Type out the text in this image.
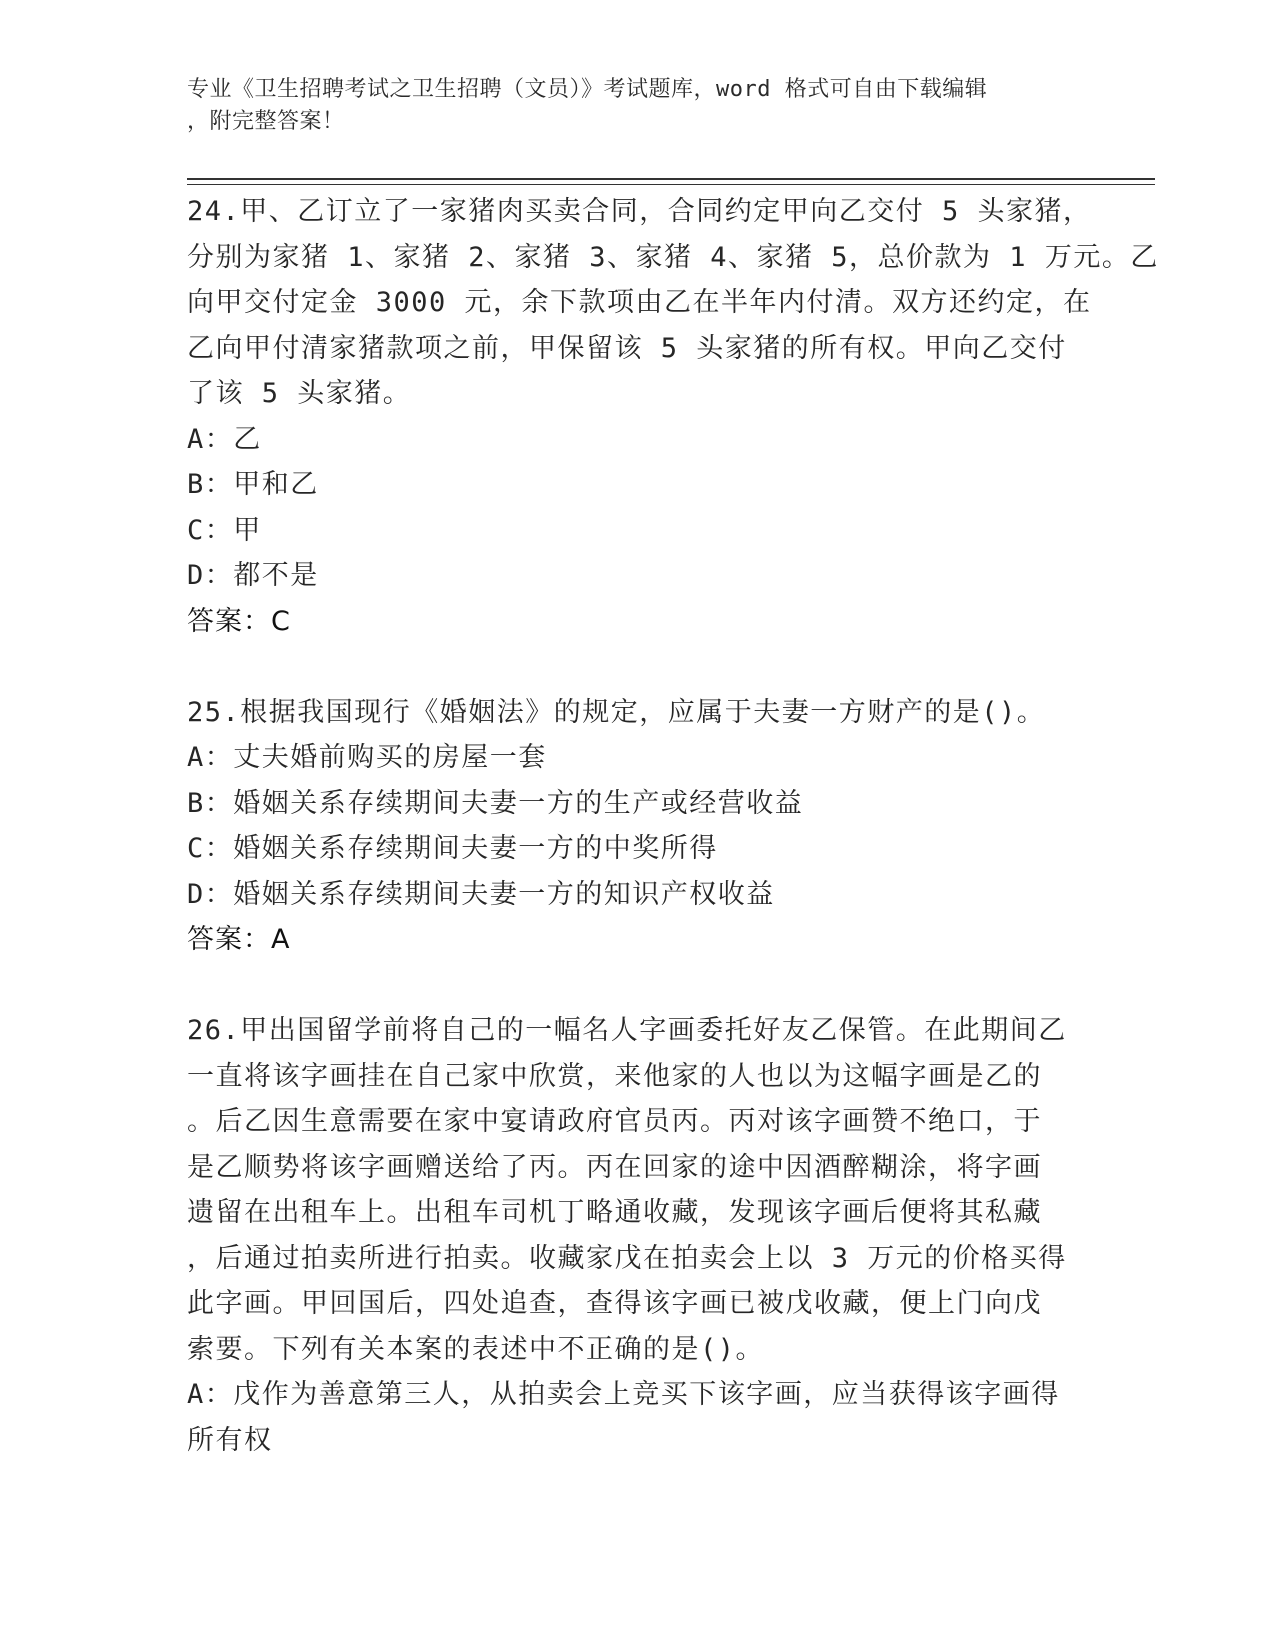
专业《卫生招聘考试之卫生招聘（文员）》考试题库，word 格式可自由下载编辑
，附完整答案！
24.甲、乙订立了一家猪肉买卖合同，合同约定甲向乙交付 5 头家猪，
分别为家猪 1、家猪 2、家猪 3、家猪 4、家猪 5，总价款为 1 万元。乙
向甲交付定金 3000 元，余下款项由乙在半年内付清。双方还约定，在
乙向甲付清家猪款项之前，甲保留该 5 头家猪的所有权。甲向乙交付
了该 5 头家猪。
A：乙
B：甲和乙
C：甲
D：都不是
答案：C
25.根据我国现行《婚姻法》的规定，应属于夫妻一方财产的是()。
A：丈夫婚前购买的房屋一套
B：婚姻关系存续期间夫妻一方的生产或经营收益
C：婚姻关系存续期间夫妻一方的中奖所得
D：婚姻关系存续期间夫妻一方的知识产权收益
答案：A
26.甲出国留学前将自己的一幅名人字画委托好友乙保管。在此期间乙
一直将该字画挂在自己家中欣赏，来他家的人也以为这幅字画是乙的
。后乙因生意需要在家中宴请政府官员丙。丙对该字画赞不绝口，于
是乙顺势将该字画赠送给了丙。丙在回家的途中因酒醉糊涂，将字画
遗留在出租车上。出租车司机丁略通收藏，发现该字画后便将其私藏
，后通过拍卖所进行拍卖。收藏家戊在拍卖会上以 3 万元的价格买得
此字画。甲回国后，四处追查，查得该字画已被戊收藏，便上门向戊
索要。下列有关本案的表述中不正确的是()。
A：戊作为善意第三人，从拍卖会上竞买下该字画，应当获得该字画得
所有权
